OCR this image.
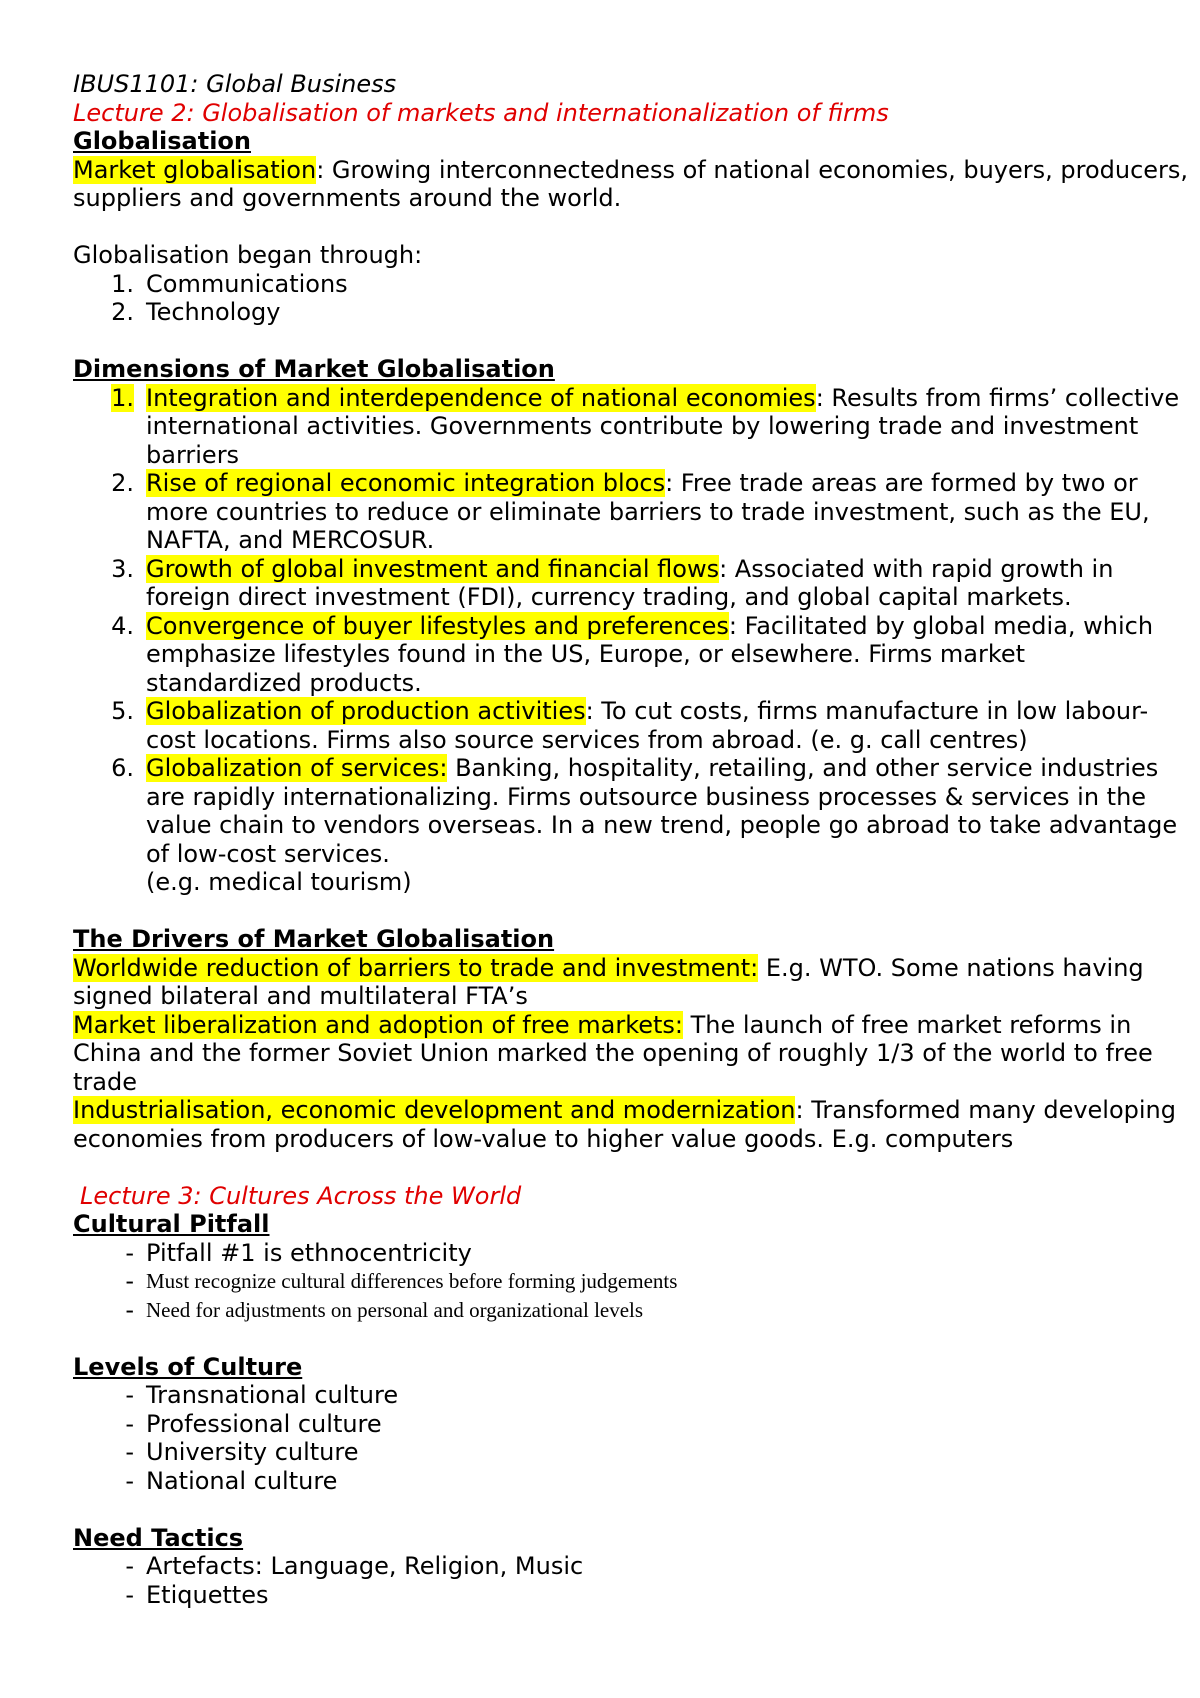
IBUS1101: Global Business
Lecture 2: Globalisation of markets and internationalization of firms
Globalisation
Market globalisation: Growing interconnectedness of national economies, buyers, producers, suppliers and governments around the world.
Globalisation began through:
1. Communications
2. Technology
Dimensions of Market Globalisation
1. Integration and interdependence of national economies: Results from firms’ collective international activities. Governments contribute by lowering trade and investment barriers
2. Rise of regional economic integration blocs: Free trade areas are formed by two or more countries to reduce or eliminate barriers to trade investment, such as the EU, NAFTA, and MERCOSUR.
3. Growth of global investment and financial flows: Associated with rapid growth in foreign direct investment (FDI), currency trading, and global capital markets.
4. Convergence of buyer lifestyles and preferences: Facilitated by global media, which emphasize lifestyles found in the US, Europe, or elsewhere. Firms market standardized products.
5. Globalization of production activities: To cut costs, firms manufacture in low labour-cost locations. Firms also source services from abroad. (e. g. call centres)
6. Globalization of services: Banking, hospitality, retailing, and other service industries are rapidly internationalizing. Firms outsource business processes & services in the value chain to vendors overseas. In a new trend, people go abroad to take advantage of low-cost services.
(e.g. medical tourism)
The Drivers of Market Globalisation
Worldwide reduction of barriers to trade and investment: E.g. WTO. Some nations having signed bilateral and multilateral FTA’s
Market liberalization and adoption of free markets: The launch of free market reforms in China and the former Soviet Union marked the opening of roughly 1/3 of the world to free trade
Industrialisation, economic development and modernization: Transformed many developing economies from producers of low-value to higher value goods. E.g. computers
Lecture 3: Cultures Across the World
Cultural Pitfall
- Pitfall #1 is ethnocentricity
- Must recognize cultural differences before forming judgements
- Need for adjustments on personal and organizational levels
Levels of Culture
- Transnational culture
- Professional culture
- University culture
- National culture
Need Tactics
- Artefacts: Language, Religion, Music
- Etiquettes
